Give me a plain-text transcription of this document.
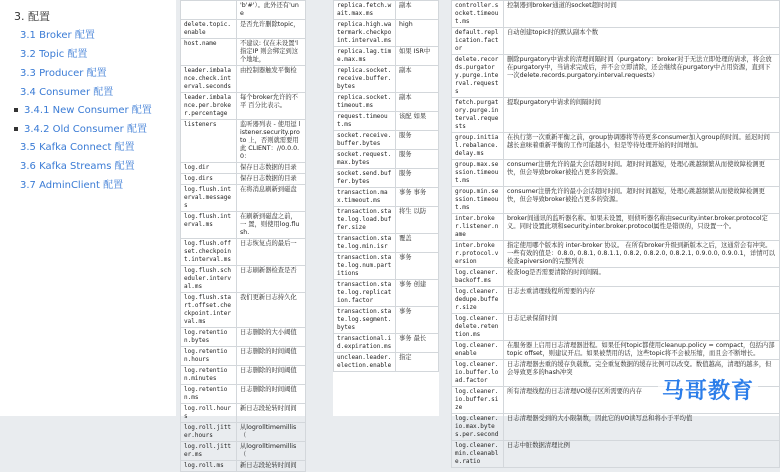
3. 配置
3.1 Broker 配置
3.2 Topic 配置
3.3 Producer 配置
3.4 Consumer 配置
3.4.1 New Consumer 配置
3.4.2 Old Consumer 配置
3.5 Kafka Connect 配置
3.6 Kafka Streams 配置
3.7 AdminClient 配置
	'b'#'）。此外还有'une
delete.topic.enable	是否允许删除topic，
host.name	不建议: 仅在未设置'l 指定IP 则会绑定到这个地址，
leader.imbalance.check.interval.seconds	由控制器触发平衡检
leader.imbalance.per.broker.percentage	每个broker允许的不平 百分比表示。
listeners	监听器列表 - 使用逗 listener.security.proto 上，否则就需要用此 CLIENT：//0.0.0.0：
log.dir	保存日志数据的目录
log.dirs	保存日志数据的目录
log.flush.interval.messages	在将消息刷新到磁盘
log.flush.interval.ms	在刷新到磁盘之前，一 置，则使用log.flush.
log.flush.offset.checkpoint.interval.ms	日志恢复点的最后一
log.flush.scheduler.interval.ms	日志刷新器检查是否
log.flush.start.offset.checkpoint.interval.ms	我们更新日志持久化
log.retention.bytes	日志删除的大小阈值
log.retention.hours	日志删除的时间阈值
log.retention.minutes	日志删除的时间阈值
log.retention.ms	日志删除的时间阈值
log.roll.hours	新日志段轮转时间间
log.roll.jitter.hours	从logrolltimemillis（
log.roll.jitter.ms	从logrolltimemillis（
log.roll.ms	新日志段轮转时间间
replica.fetch.wait.max.ms	副本
replica.high.watermark.checkpoint.interval.ms	high
replica.lag.time.max.ms	如果 ISR中
replica.socket.receive.buffer.bytes	副本
replica.socket.timeout.ms	副本
request.timeout.ms	该配 如果
socket.receive.buffer.bytes	服务
socket.request.max.bytes	服务
socket.send.buffer.bytes	服务
transaction.max.timeout.ms	事务 事务
transaction.state.log.load.buffer.size	将生 以防
transaction.state.log.min.isr	覆盖
transaction.state.log.num.partitions	事务
transaction.state.log.replication.factor	事务 创建
transaction.state.log.segment.bytes	事务
transactional.id.expiration.ms	事务 最长
unclean.leader.election.enable	指定
controller.socket.timeout.ms	控制器到broker通道的socket超时时间
default.replication.factor	自动创建topic时的默认副本个数
delete.records.purgatory.purge.interval.requests	删除purgatory中请求的清理间隔时间（purgatory：broker对于无法立即处理的请求，将会放在purgatory中，当请求完成后，并不会立即清除，还会继续在purgatory中占用资源，直到下一次delete.records.purgatory.interval.requests）
fetch.purgatory.purge.interval.requests	提取purgatory中请求的间隔时间
group.initial.rebalance.delay.ms	在执行第一次重新平衡之前，group协调器将等待更多consumer加入group的时间。延迟时间越长意味着重新平衡的工作可能越小，但是等待处理开始的时间增加。
group.max.session.timeout.ms	consumer注册允许的最大会话超时时间。超时时间越短，处理心跳越频繁从而使故障检测更快，但会导致broker被抢占更多的资源。
group.min.session.timeout.ms	consumer注册允许的最小会话超时时间。超时时间越短，处理心跳越频繁从而使故障检测更快，但会导致broker被抢占更多的资源。
inter.broker.listener.name	broker间通讯的监听器名称。如果未设置，则侦听器名称由security.inter.broker.protocol定义。同时设置此项和security.inter.broker.protocol属性是错误的，只设置一个。
inter.broker.protocol.version	指定使用哪个版本的 inter-broker 协议。 在所有broker升级到新版本之后，这通常会有冲突。一些有效的值是：0.8.0, 0.8.1, 0.8.1.1, 0.8.2, 0.8.2.0, 0.8.2.1, 0.9.0.0, 0.9.0.1，详情可以检查apiversion的完整列表
log.cleaner.backoff.ms	检查log是否需要清除的时间间隔。
log.cleaner.dedupe.buffer.size	日志去重清理线程所需要的内存
log.cleaner.delete.retention.ms	日志记录保留时间
log.cleaner.enable	在服务器上启用日志清理器进程。如果任何topic都使用cleanup.policy = compact，包括内部topic offset，则建议开启。如果被禁用的话，这些topic将不会被压缩，而且会不断增长。
log.cleaner.io.buffer.load.factor	日志清理器去重的缓存负载数。完全重复数据的缓存比例可以改变。数值越高，清理的越多，但会导致更多的hash冲突
log.cleaner.io.buffer.size	所有清理线程的日志清理I/O缓存区所需要的内存
log.cleaner.io.max.bytes.per.second	日志清理器受到的大小限制数，因此它的I/O读写总和将小于平均值
log.cleaner.min.cleanable.ratio	日志中脏数据清理比例
马哥教育
